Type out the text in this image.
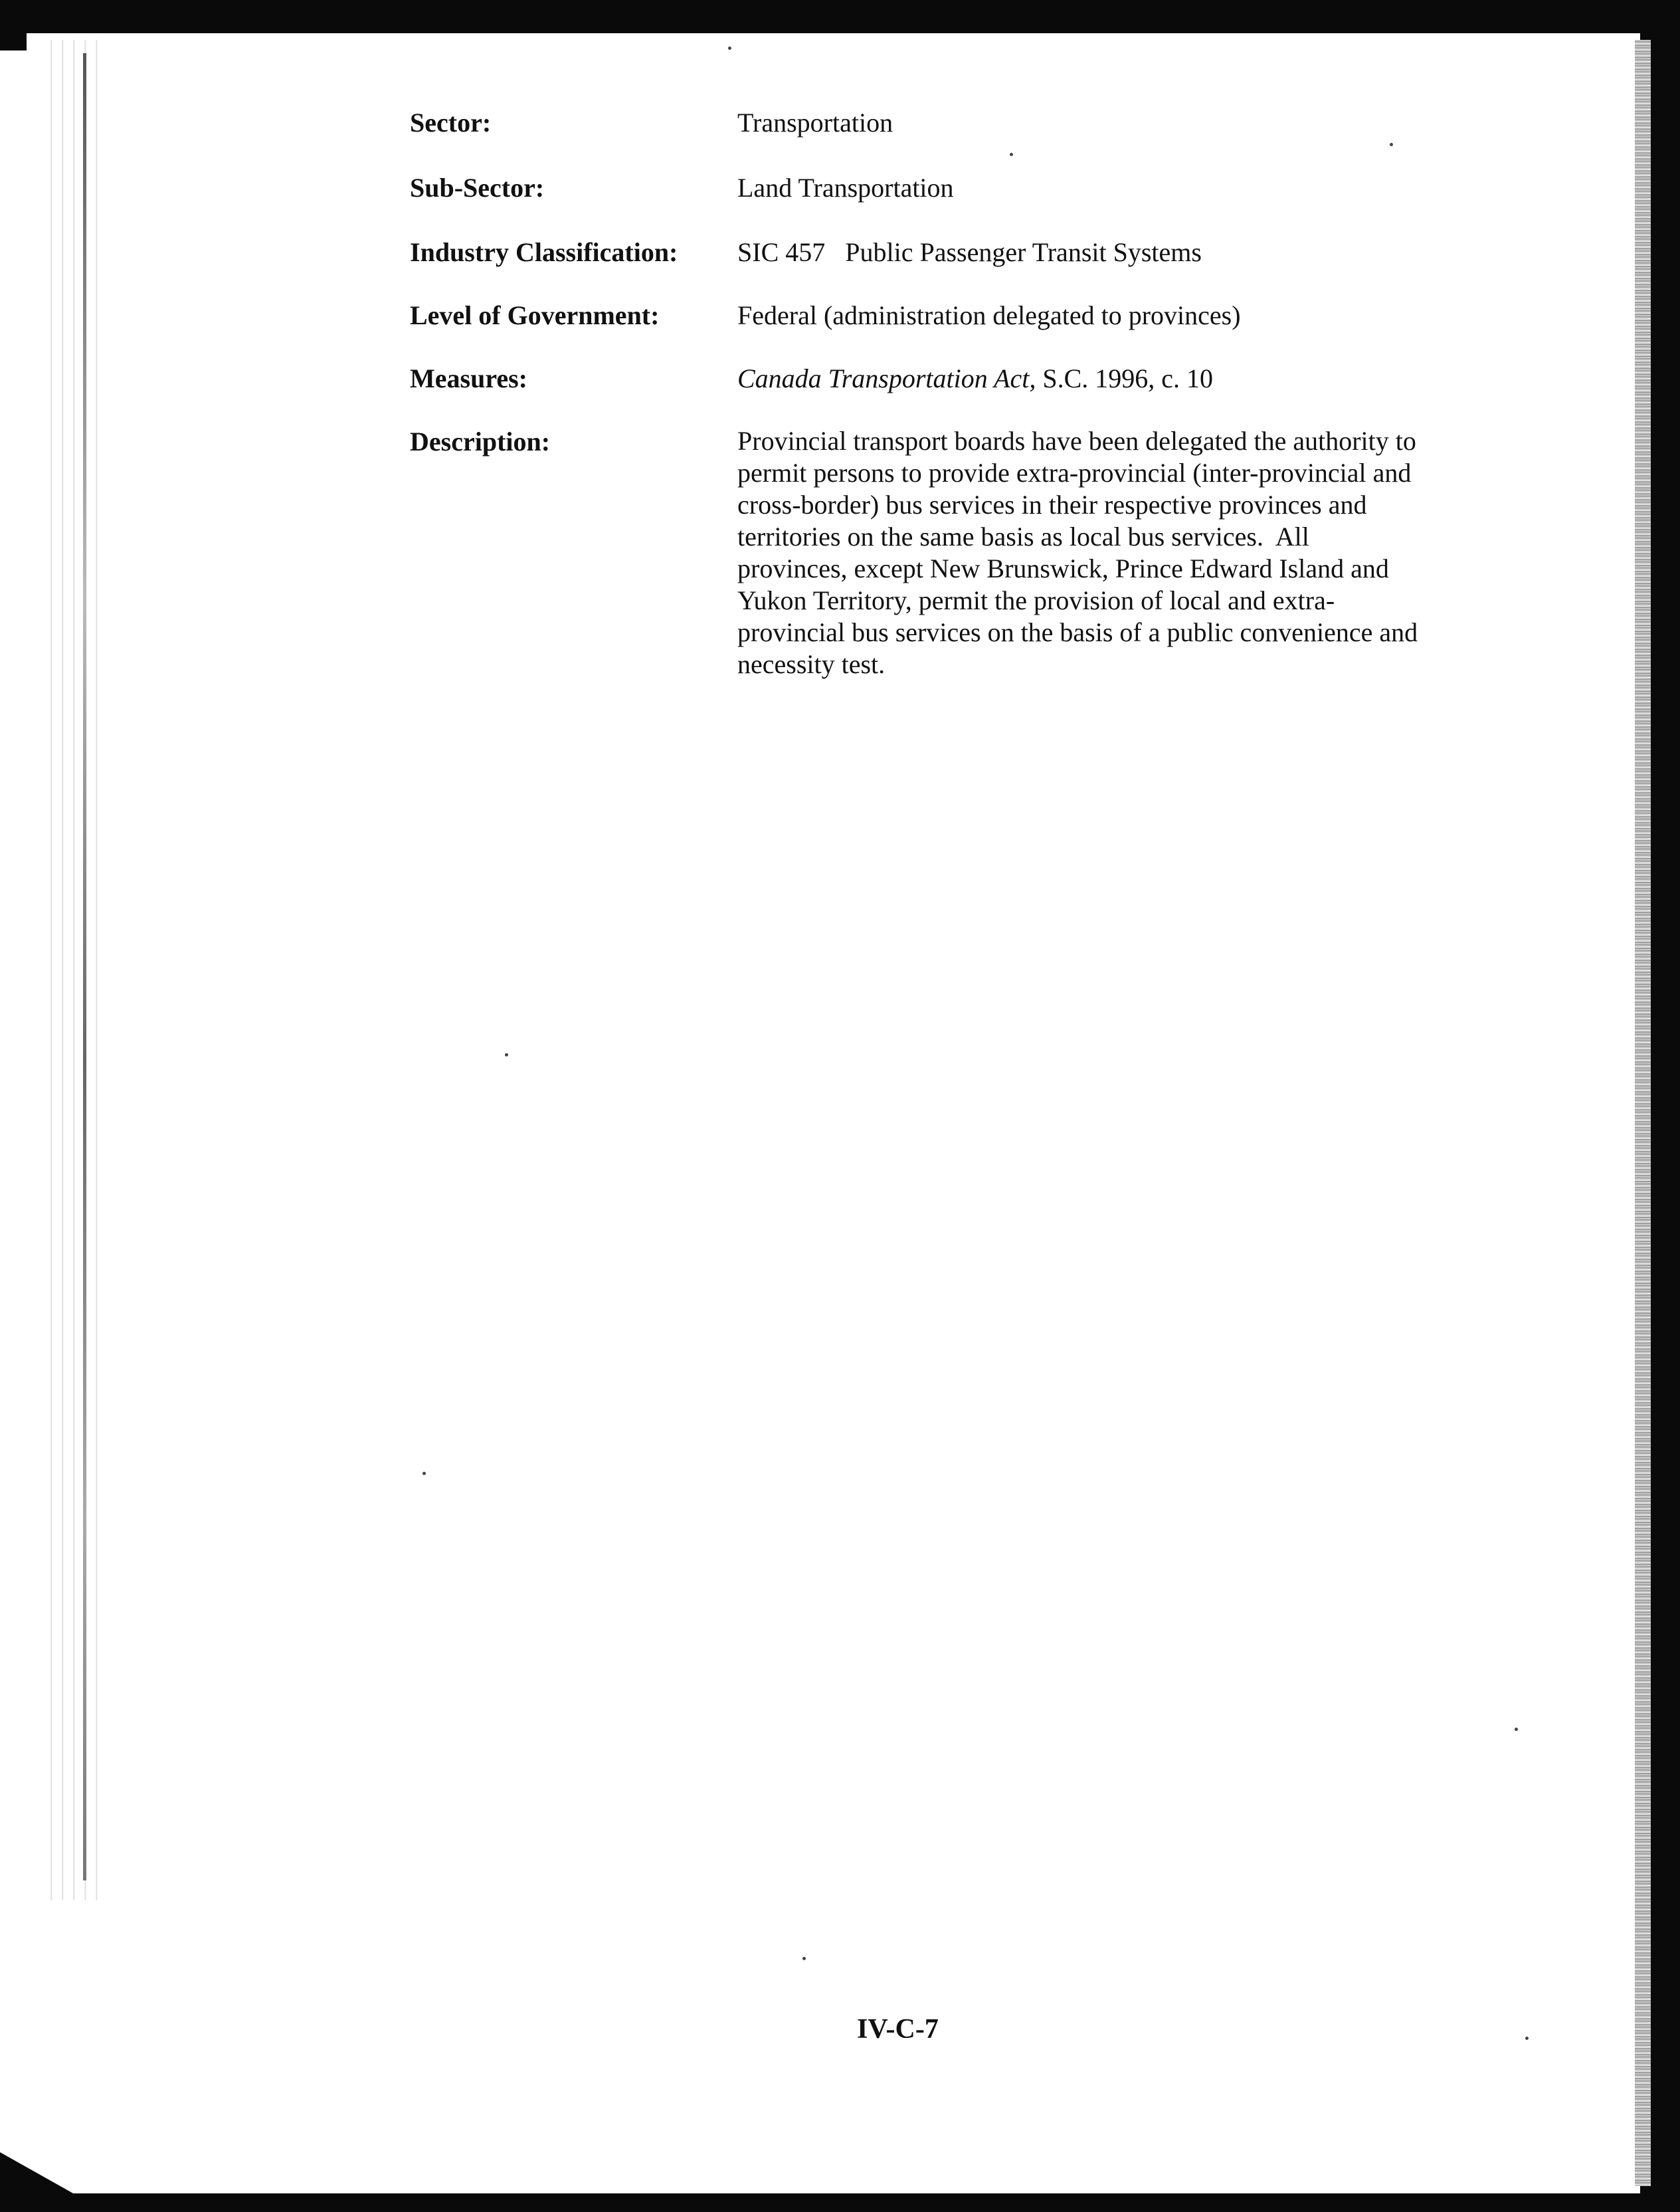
Sector:	Transportation
Sub-Sector:	Land Transportation
Industry Classification: SIC 457   Public Passenger Transit Systems
Level of Government:	Federal (administration delegated to provinces)
Measures:	Canada Transportation Act, S.C. 1996, c. 10
Description:	Provincial transport boards have been delegated the authority to
permit persons to provide extra-provincial (inter-provincial and
cross-border) bus services in their respective provinces and
territories on the same basis as local bus services.  All
provinces, except New Brunswick, Prince Edward Island and
Yukon Territory, permit the provision of local and extra-
provincial bus services on the basis of a public convenience and
necessity test.
IV-C-7
